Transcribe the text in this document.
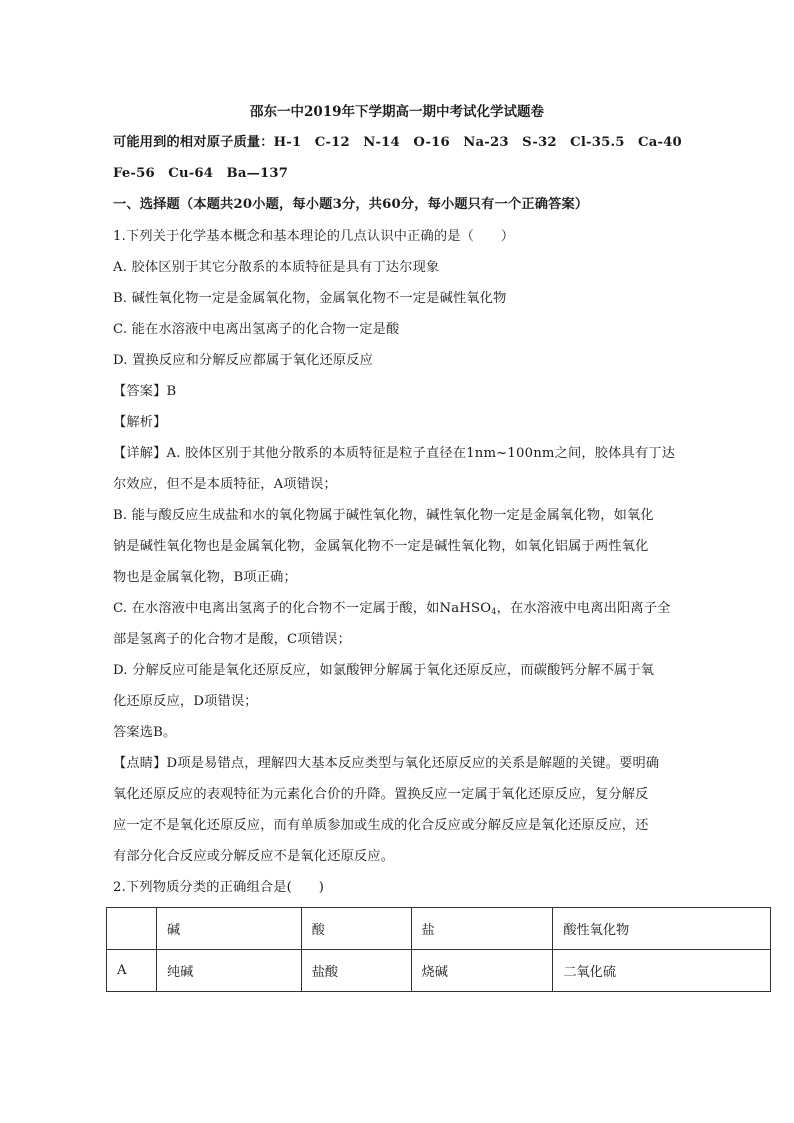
邵东一中2019年下学期高一期中考试化学试题卷
可能用到的相对原子质量：H-1　C-12　N-14　O-16　Na-23　S-32　Cl-35.5　Ca-40
Fe-56　Cu-64　Ba—137
一、选择题（本题共20小题，每小题3分，共60分，每小题只有一个正确答案）
1.下列关于化学基本概念和基本理论的几点认识中正确的是（　　）
A. 胶体区别于其它分散系的本质特征是具有丁达尔现象
B. 碱性氧化物一定是金属氧化物，金属氧化物不一定是碱性氧化物
C. 能在水溶液中电离出氢离子的化合物一定是酸
D. 置换反应和分解反应都属于氧化还原反应
【答案】B
【解析】
【详解】A. 胶体区别于其他分散系的本质特征是粒子直径在1nm~100nm之间，胶体具有丁达
尔效应，但不是本质特征，A项错误；
B. 能与酸反应生成盐和水的氧化物属于碱性氧化物，碱性氧化物一定是金属氧化物，如氧化
钠是碱性氧化物也是金属氧化物，金属氧化物不一定是碱性氧化物，如氧化铝属于两性氧化
物也是金属氧化物，B项正确；
C. 在水溶液中电离出氢离子的化合物不一定属于酸，如NaHSO$_4$，在水溶液中电离出阳离子全
部是氢离子的化合物才是酸，C项错误；
D. 分解反应可能是氧化还原反应，如氯酸钾分解属于氧化还原反应，而碳酸钙分解不属于氧
化还原反应，D项错误；
答案选B。
【点睛】D项是易错点，理解四大基本反应类型与氧化还原反应的关系是解题的关键。要明确
氧化还原反应的表观特征为元素化合价的升降。置换反应一定属于氧化还原反应，复分解反
应一定不是氧化还原反应，而有单质参加或生成的化合反应或分解反应是氧化还原反应，还
有部分化合反应或分解反应不是氧化还原反应。
2.下列物质分类的正确组合是(　　)
	碱	酸	盐	酸性氧化物
A	纯碱	盐酸	烧碱	二氧化硫
